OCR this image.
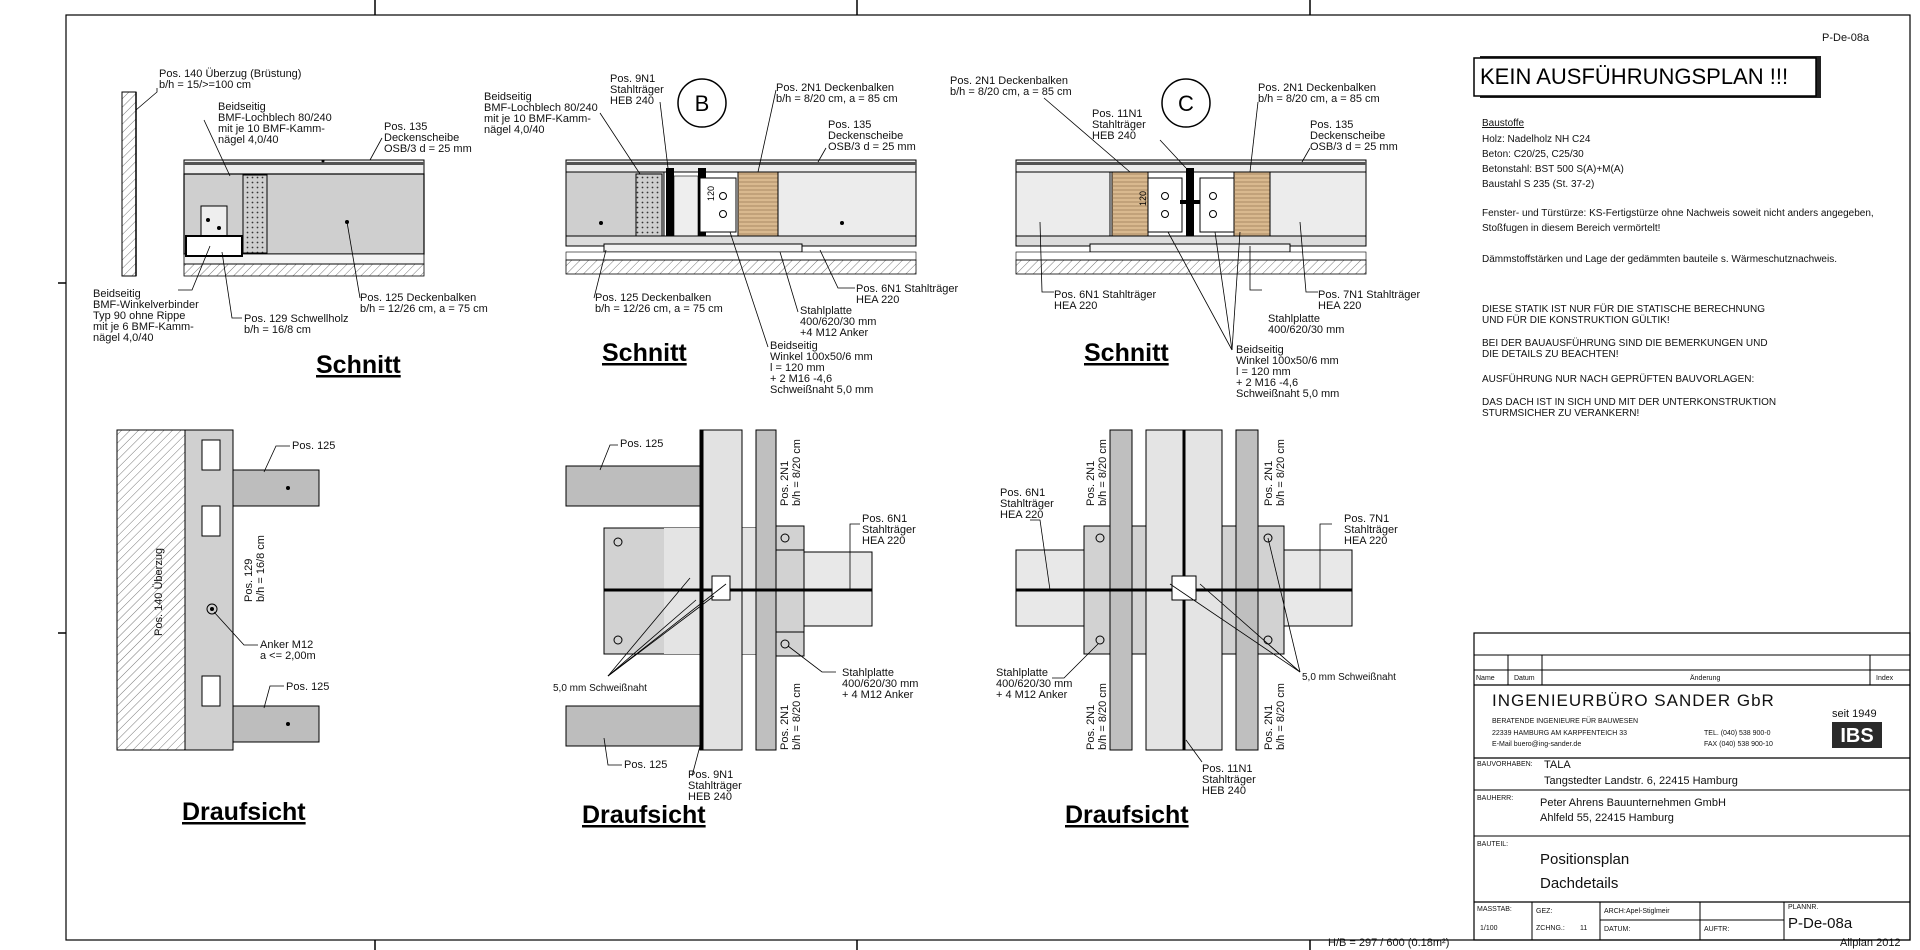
P-De-08a
H/B = 297 / 600 (0.18m²)	Allplan 2012
KEIN AUSFÜHRUNGSPLAN !!!
Baustoffe
Holz: Nadelholz NH C24
Beton: C20/25, C25/30
Betonstahl: BST 500 S(A)+M(A)
Baustahl S 235 (St. 37-2)
Fenster- und Türstürze: KS-Fertigstürze ohne Nachweis soweit nicht anders angegeben,
Stoßfugen in diesem Bereich vermörtelt!
Dämmstoffstärken und Lage der gedämmten bauteile s. Wärmeschutznachweis.
DIESE STATIK IST NUR FÜR DIE STATISCHE BERECHNUNG
UND FÜR DIE KONSTRUKTION GÜLTIK!
BEI DER BAUAUSFÜHRUNG SIND DIE BEMERKUNGEN UND
DIE DETAILS ZU BEACHTEN!
AUSFÜHRUNG NUR NACH GEPRÜFTEN BAUVORLAGEN:
DAS DACH IST IN SICH UND MIT DER UNTERKONSTRUKTION
STURMSICHER ZU VERANKERN!
Pos. 140 Überzug (Brüstung)
b/h = 15/>=100 cm
Beidseitig
BMF-Lochblech 80/240
mit je 10 BMF-Kamm-
nägel 4,0/40
Pos. 135
Deckenscheibe
OSB/3 d = 25 mm
Beidseitig
BMF-Winkelverbinder
Typ 90 ohne Rippe
mit je 6 BMF-Kamm-
nägel 4,0/40
Pos. 129 Schwellholz
b/h = 16/8 cm
Pos. 125 Deckenbalken
b/h = 12/26 cm, a = 75 cm
Schnitt
B
120
Beidseitig
BMF-Lochblech 80/240
mit je 10 BMF-Kamm-
nägel 4,0/40
Pos. 9N1
Stahlträger
HEB 240
Pos. 2N1 Deckenbalken
b/h = 8/20 cm, a = 85 cm
Pos. 135
Deckenscheibe
OSB/3 d = 25 mm
Pos. 125 Deckenbalken
b/h = 12/26 cm, a = 75 cm
Pos. 6N1 Stahlträger
HEA 220
Stahlplatte
400/620/30 mm
+4 M12 Anker
Beidseitig
Winkel 100x50/6 mm
l = 120 mm
+ 2 M16 -4,6
Schweißnaht 5,0 mm
Schnitt
C
120
Pos. 2N1 Deckenbalken
b/h = 8/20 cm, a = 85 cm
Pos. 11N1
Stahlträger
HEB 240
Pos. 2N1 Deckenbalken
b/h = 8/20 cm, a = 85 cm
Pos. 135
Deckenscheibe
OSB/3 d = 25 mm
Pos. 6N1 Stahlträger
HEA 220
Stahlplatte
400/620/30 mm
Pos. 7N1 Stahlträger
HEA 220
Beidseitig
Winkel 100x50/6 mm
l = 120 mm
+ 2 M16 -4,6
Schweißnaht 5,0 mm
Schnitt
Pos. 125
Pos. 140 Überzug	Pos. 129 b/h = 16/8 cm
Anker M12
a <= 2,00m
Pos. 125
Draufsicht
Pos. 125
Pos. 2N1 b/h = 8/20 cm
Pos. 6N1
Stahlträger
HEA 220
5,0 mm Schweißnaht
Stahlplatte
400/620/30 mm
+ 4 M12 Anker
Pos. 2N1 b/h = 8/20 cm
Pos. 125
Pos. 9N1
Stahlträger
HEB 240
Draufsicht
Pos. 2N1 b/h = 8/20 cm	Pos. 2N1 b/h = 8/20 cm
Pos. 6N1
Stahlträger
HEA 220	Pos. 7N1
Stahlträger
HEA 220
Stahlplatte
400/620/30 mm
+ 4 M12 Anker
5,0 mm Schweißnaht
Pos. 2N1 b/h = 8/20 cm	Pos. 2N1 b/h = 8/20 cm
Pos. 11N1
Stahlträger
HEB 240
Draufsicht
Name	Datum	Änderung	Index
INGENIEURBÜRO SANDER GbR
BERATENDE INGENIEURE FÜR BAUWESEN
22339 HAMBURG AM KARPFENTEICH 33
E-Mail buero@ing-sander.de
TEL. (040) 538 900-0
FAX (040) 538 900-10
seit 1949
IBS
BAUVORHABEN: TALA
Tangstedter Landstr. 6, 22415 Hamburg
BAUHERR: Peter Ahrens Bauunternehmen GmbH
Ahlfeld 55, 22415 Hamburg
BAUTEIL:
Positionsplan
Dachdetails
MASSTAB:
1/100
GEZ:
ZCHNG.: 11
ARCH: Apel-Stiglmeir
DATUM:	AUFTR:
PLANNR.
P-De-08a
